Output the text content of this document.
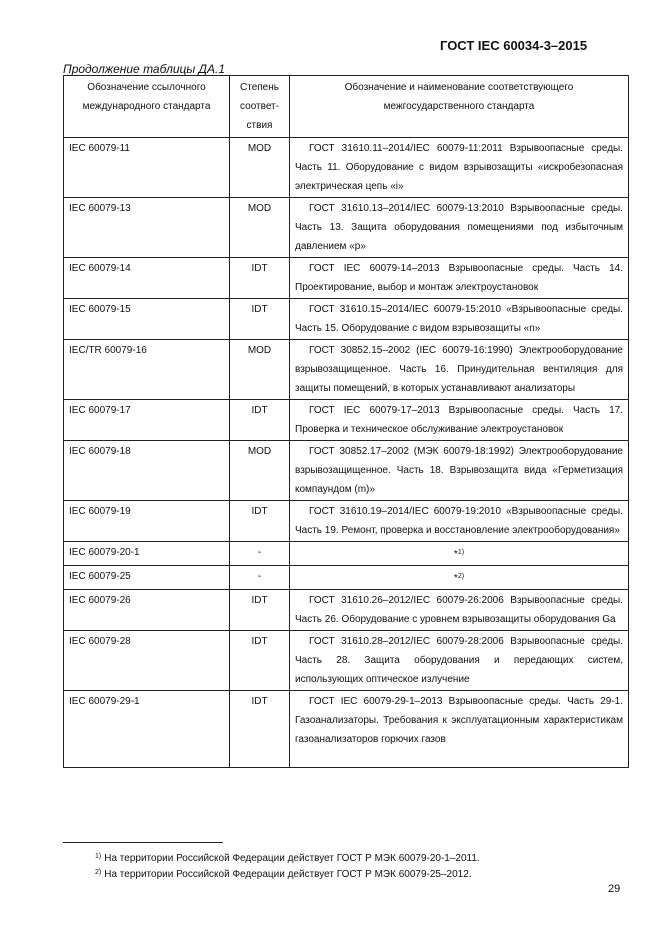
ГОСТ IEC 60034-3–2015
Продолжение таблицы ДА.1
Обозначение ссылочного международного стандарта	Степень соответ-ствия	Обозначение и наименование соответствующего межгосударственного стандарта
IEC 60079-11	MOD	ГОСТ 31610.11–2014/IEC 60079-11:2011 Взрывоопасные среды. Часть 11. Оборудование с видом взрывозащиты «искробезопасная электрическая цепь «i»
IEC 60079-13	MOD	ГОСТ 31610.13–2014/IEC 60079-13:2010 Взрывоопасные среды. Часть 13. Защита оборудования помещениями под избыточным давлением «р»
IEC 60079-14	IDT	ГОСТ IEC 60079-14–2013 Взрывоопасные среды. Часть 14. Проектирование, выбор и монтаж электроустановок
IEC 60079-15	IDT	ГОСТ 31610.15–2014/IEC 60079-15:2010 «Взрывоопасные среды. Часть 15. Оборудование с видом взрывозащиты «n»
IEC/TR 60079-16	MOD	ГОСТ 30852.15–2002 (IEC 60079-16:1990) Электрооборудование взрывозащищенное. Часть 16. Принудительная вентиляция для защиты помещений, в которых устанавливают анализаторы
IEC 60079-17	IDT	ГОСТ IEC 60079-17–2013 Взрывоопасные среды. Часть 17. Проверка и техническое обслуживание электроустановок
IEC 60079-18	MOD	ГОСТ 30852.17–2002 (МЭК 60079-18:1992) Электрооборудование взрывозащищенное. Часть 18. Взрывозащита вида «Герметизация компаундом (m)»
IEC 60079-19	IDT	ГОСТ 31610.19–2014/IEC 60079-19:2010 «Взрывоопасные среды. Часть 19. Ремонт, проверка и восстановление электрооборудования»
IEC 60079-20-1	-	*$^{1)}$
IEC 60079-25	-	*$^{2)}$
IEC 60079-26	IDT	ГОСТ 31610.26–2012/IEC 60079-26:2006 Взрывоопасные среды. Часть 26. Оборудование с уровнем взрывозащиты оборудования Ga
IEC 60079-28	IDT	ГОСТ 31610.28–2012/IEC 60079-28:2006 Взрывоопасные среды. Часть 28. Защита оборудования и передающих систем, использующих оптическое излучение
IEC 60079-29-1	IDT	ГОСТ IEC 60079-29-1–2013 Взрывоопасные среды. Часть 29-1. Газоанализаторы. Требования к эксплуатационным характеристикам газоанализаторов горючих газов
$^{1)}$ На территории Российской Федерации действует ГОСТ Р МЭК 60079-20-1–2011.
$^{2)}$ На территории Российской Федерации действует ГОСТ Р МЭК 60079-25–2012.
29
